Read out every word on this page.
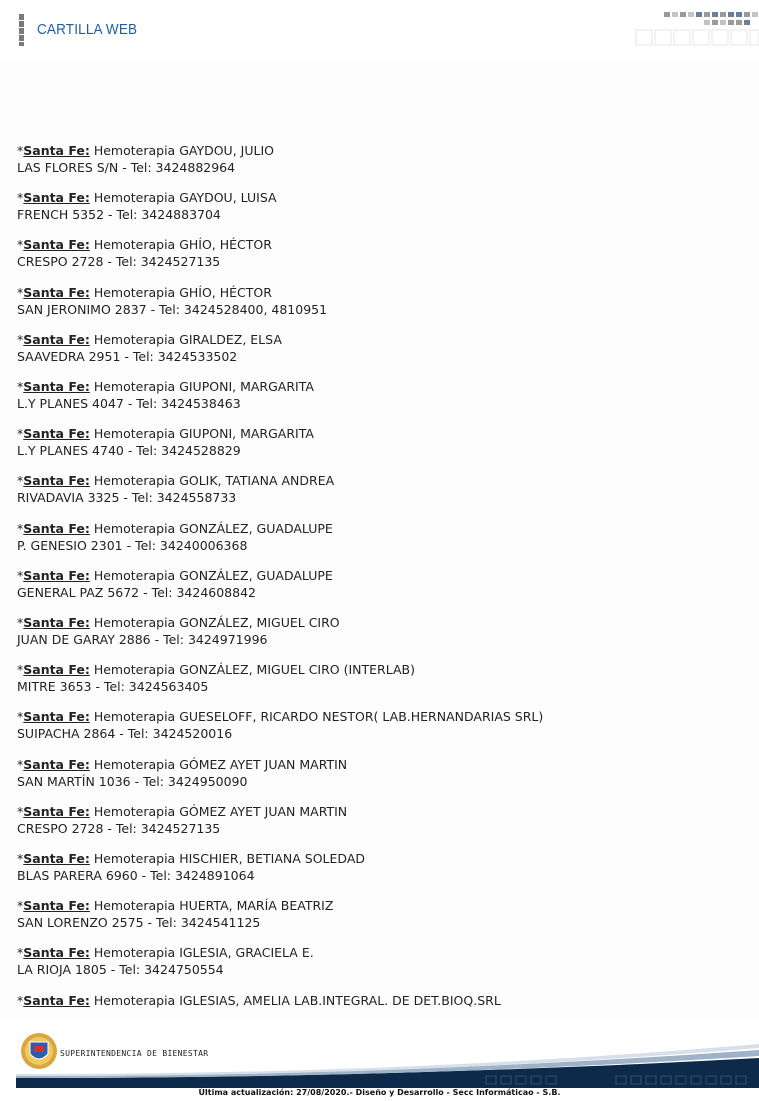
CARTILLA WEB
*Santa Fe: Hemoterapia GAYDOU, JULIO
LAS FLORES S/N - Tel: 3424882964
*Santa Fe: Hemoterapia GAYDOU, LUISA
FRENCH 5352 - Tel: 3424883704
*Santa Fe: Hemoterapia GHÍO, HÉCTOR
CRESPO 2728 - Tel: 3424527135
*Santa Fe: Hemoterapia GHÍO, HÉCTOR
SAN JERONIMO 2837 - Tel: 3424528400, 4810951
*Santa Fe: Hemoterapia GIRALDEZ, ELSA
SAAVEDRA 2951 - Tel: 3424533502
*Santa Fe: Hemoterapia GIUPONI, MARGARITA
L.Y PLANES 4047 - Tel: 3424538463
*Santa Fe: Hemoterapia GIUPONI, MARGARITA
L.Y PLANES 4740 - Tel: 3424528829
*Santa Fe: Hemoterapia GOLIK, TATIANA ANDREA
RIVADAVIA 3325 - Tel: 3424558733
*Santa Fe: Hemoterapia GONZÁLEZ, GUADALUPE
P. GENESIO 2301 - Tel: 34240006368
*Santa Fe: Hemoterapia GONZÁLEZ, GUADALUPE
GENERAL PAZ 5672 - Tel: 3424608842
*Santa Fe: Hemoterapia GONZÁLEZ, MIGUEL CIRO
JUAN DE GARAY 2886 - Tel: 3424971996
*Santa Fe: Hemoterapia GONZÁLEZ, MIGUEL CIRO (INTERLAB)
MITRE 3653 - Tel: 3424563405
*Santa Fe: Hemoterapia GUESELOFF, RICARDO NESTOR( LAB.HERNANDARIAS SRL)
SUIPACHA 2864 - Tel: 3424520016
*Santa Fe: Hemoterapia GÓMEZ AYET JUAN MARTIN
SAN MARTÍN 1036 - Tel: 3424950090
*Santa Fe: Hemoterapia GÓMEZ AYET JUAN MARTIN
CRESPO 2728 - Tel: 3424527135
*Santa Fe: Hemoterapia HISCHIER, BETIANA SOLEDAD
BLAS PARERA 6960 - Tel: 3424891064
*Santa Fe: Hemoterapia HUERTA, MARÍA BEATRIZ
SAN LORENZO 2575 - Tel: 3424541125
*Santa Fe: Hemoterapia IGLESIA, GRACIELA E.
LA RIOJA 1805 - Tel: 3424750554
*Santa Fe: Hemoterapia IGLESIAS, AMELIA LAB.INTEGRAL. DE DET.BIOQ.SRL
SUPERINTENDENCIA DE BIENESTAR
Última actualización: 27/08/2020.- Diseño y Desarrollo - Secc Informáticao - S.B.
